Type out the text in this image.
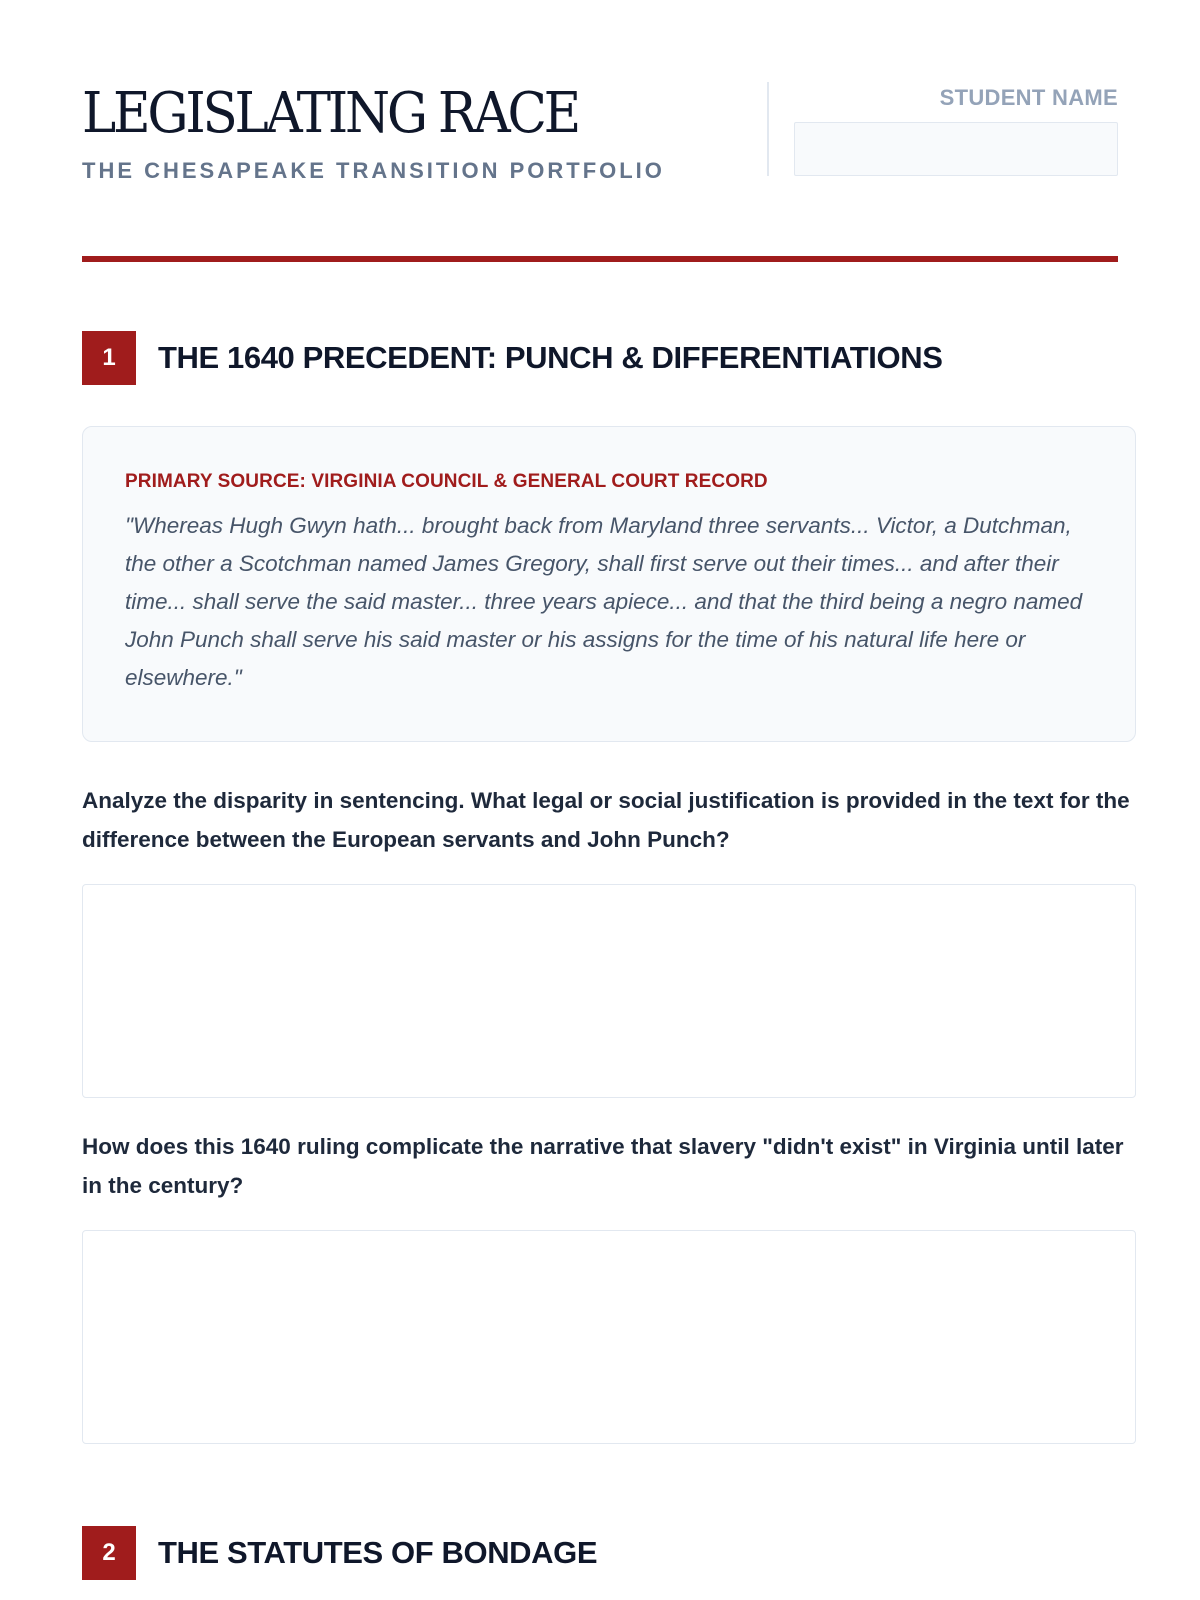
LEGISLATING RACE
THE CHESAPEAKE TRANSITION PORTFOLIO
STUDENT NAME
1	THE 1640 PRECEDENT: PUNCH & DIFFERENTIATIONS
PRIMARY SOURCE: VIRGINIA COUNCIL & GENERAL COURT RECORD

"Whereas Hugh Gwyn hath... brought back from Maryland three servants... Victor, a Dutchman, the other a Scotchman named James Gregory, shall first serve out their times... and after their time... shall serve the said master... three years apiece... and that the third being a negro named John Punch shall serve his said master or his assigns for the time of his natural life here or elsewhere."

Analyze the disparity in sentencing. What legal or social justification is provided in the text for the difference between the European servants and John Punch?

How does this 1640 ruling complicate the narrative that slavery "didn't exist" in Virginia until later in the century?

2	THE STATUTES OF BONDAGE
